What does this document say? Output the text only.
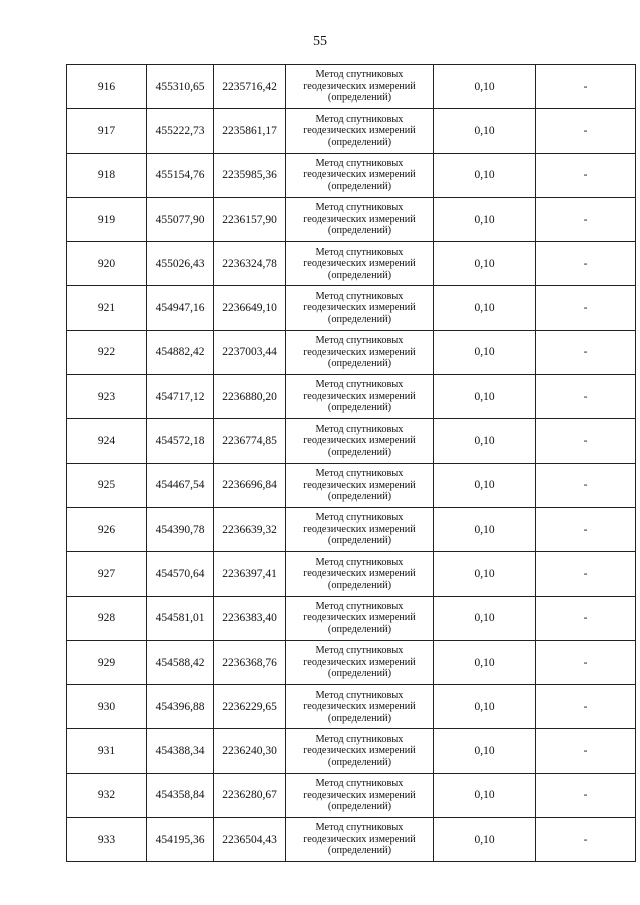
55
916	455310,65	2235716,42	Метод спутниковых
геодезических измерений
(определений)	0,10	-
917	455222,73	2235861,17	Метод спутниковых
геодезических измерений
(определений)	0,10	-
918	455154,76	2235985,36	Метод спутниковых
геодезических измерений
(определений)	0,10	-
919	455077,90	2236157,90	Метод спутниковых
геодезических измерений
(определений)	0,10	-
920	455026,43	2236324,78	Метод спутниковых
геодезических измерений
(определений)	0,10	-
921	454947,16	2236649,10	Метод спутниковых
геодезических измерений
(определений)	0,10	-
922	454882,42	2237003,44	Метод спутниковых
геодезических измерений
(определений)	0,10	-
923	454717,12	2236880,20	Метод спутниковых
геодезических измерений
(определений)	0,10	-
924	454572,18	2236774,85	Метод спутниковых
геодезических измерений
(определений)	0,10	-
925	454467,54	2236696,84	Метод спутниковых
геодезических измерений
(определений)	0,10	-
926	454390,78	2236639,32	Метод спутниковых
геодезических измерений
(определений)	0,10	-
927	454570,64	2236397,41	Метод спутниковых
геодезических измерений
(определений)	0,10	-
928	454581,01	2236383,40	Метод спутниковых
геодезических измерений
(определений)	0,10	-
929	454588,42	2236368,76	Метод спутниковых
геодезических измерений
(определений)	0,10	-
930	454396,88	2236229,65	Метод спутниковых
геодезических измерений
(определений)	0,10	-
931	454388,34	2236240,30	Метод спутниковых
геодезических измерений
(определений)	0,10	-
932	454358,84	2236280,67	Метод спутниковых
геодезических измерений
(определений)	0,10	-
933	454195,36	2236504,43	Метод спутниковых
геодезических измерений
(определений)	0,10	-
